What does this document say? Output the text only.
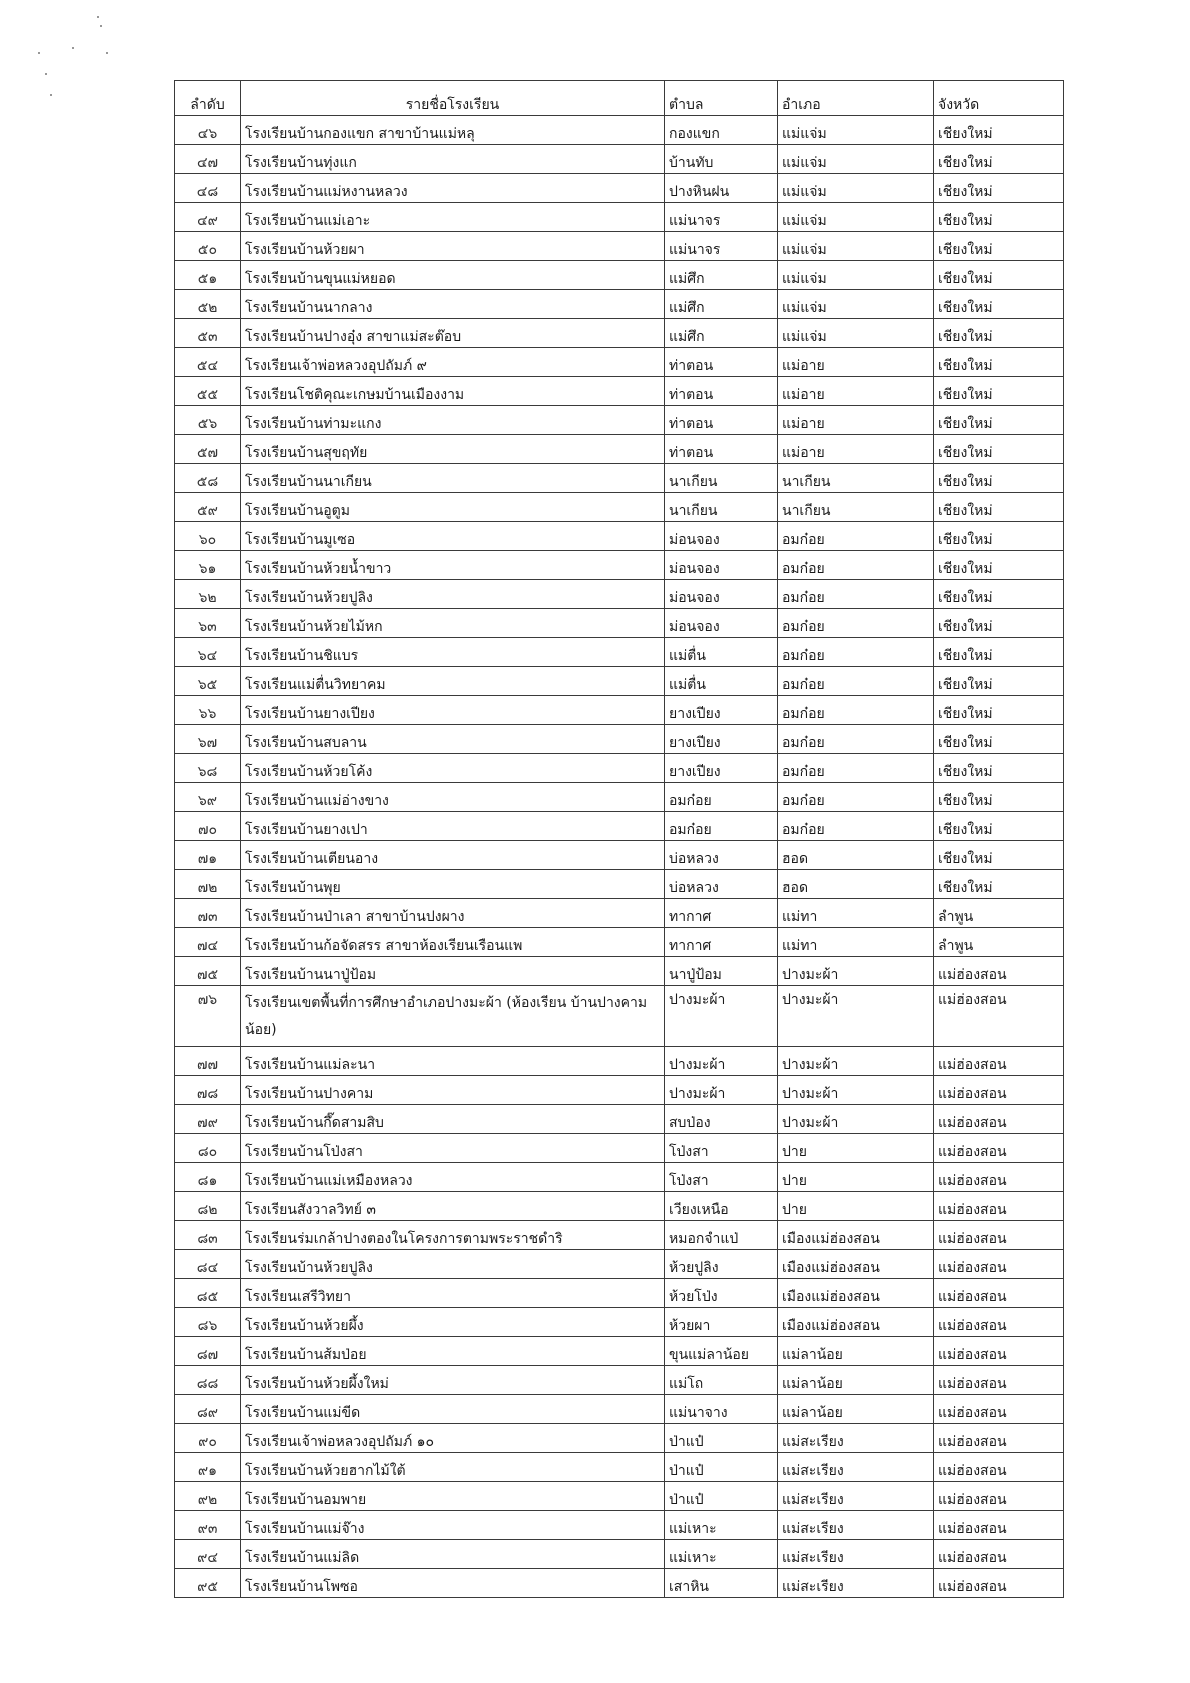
ลำดับ	รายชื่อโรงเรียน	ตำบล	อำเภอ	จังหวัด
๔๖	โรงเรียนบ้านกองแขก สาขาบ้านแม่หลุ	กองแขก	แม่แจ่ม	เชียงใหม่
๔๗	โรงเรียนบ้านทุ่งแก	บ้านทับ	แม่แจ่ม	เชียงใหม่
๔๘	โรงเรียนบ้านแม่หงานหลวง	ปางหินฝน	แม่แจ่ม	เชียงใหม่
๔๙	โรงเรียนบ้านแม่เอาะ	แม่นาจร	แม่แจ่ม	เชียงใหม่
๕๐	โรงเรียนบ้านห้วยผา	แม่นาจร	แม่แจ่ม	เชียงใหม่
๕๑	โรงเรียนบ้านขุนแม่หยอด	แม่ศึก	แม่แจ่ม	เชียงใหม่
๕๒	โรงเรียนบ้านนากลาง	แม่ศึก	แม่แจ่ม	เชียงใหม่
๕๓	โรงเรียนบ้านปางอุ๋ง สาขาแม่สะต๊อบ	แม่ศึก	แม่แจ่ม	เชียงใหม่
๕๔	โรงเรียนเจ้าพ่อหลวงอุปถัมภ์ ๙	ท่าตอน	แม่อาย	เชียงใหม่
๕๕	โรงเรียนโชติคุณะเกษมบ้านเมืองงาม	ท่าตอน	แม่อาย	เชียงใหม่
๕๖	โรงเรียนบ้านท่ามะแกง	ท่าตอน	แม่อาย	เชียงใหม่
๕๗	โรงเรียนบ้านสุขฤทัย	ท่าตอน	แม่อาย	เชียงใหม่
๕๘	โรงเรียนบ้านนาเกียน	นาเกียน	นาเกียน	เชียงใหม่
๕๙	โรงเรียนบ้านอูตูม	นาเกียน	นาเกียน	เชียงใหม่
๖๐	โรงเรียนบ้านมูเซอ	ม่อนจอง	อมก๋อย	เชียงใหม่
๖๑	โรงเรียนบ้านห้วยน้ำขาว	ม่อนจอง	อมก๋อย	เชียงใหม่
๖๒	โรงเรียนบ้านห้วยปูลิง	ม่อนจอง	อมก๋อย	เชียงใหม่
๖๓	โรงเรียนบ้านห้วยไม้หก	ม่อนจอง	อมก๋อย	เชียงใหม่
๖๔	โรงเรียนบ้านชิแบร	แม่ตื่น	อมก๋อย	เชียงใหม่
๖๕	โรงเรียนแม่ตื่นวิทยาคม	แม่ตื่น	อมก๋อย	เชียงใหม่
๖๖	โรงเรียนบ้านยางเปียง	ยางเปียง	อมก๋อย	เชียงใหม่
๖๗	โรงเรียนบ้านสบลาน	ยางเปียง	อมก๋อย	เชียงใหม่
๖๘	โรงเรียนบ้านห้วยโค้ง	ยางเปียง	อมก๋อย	เชียงใหม่
๖๙	โรงเรียนบ้านแม่อ่างขาง	อมก๋อย	อมก๋อย	เชียงใหม่
๗๐	โรงเรียนบ้านยางเปา	อมก๋อย	อมก๋อย	เชียงใหม่
๗๑	โรงเรียนบ้านเตียนอาง	บ่อหลวง	ฮอด	เชียงใหม่
๗๒	โรงเรียนบ้านพุย	บ่อหลวง	ฮอด	เชียงใหม่
๗๓	โรงเรียนบ้านป่าเลา สาขาบ้านปงผาง	ทากาศ	แม่ทา	ลำพูน
๗๔	โรงเรียนบ้านก้อจัดสรร สาขาห้องเรียนเรือนแพ	ทากาศ	แม่ทา	ลำพูน
๗๕	โรงเรียนบ้านนาปู่ป้อม	นาปู่ป้อม	ปางมะผ้า	แม่ฮ่องสอน
๗๖	โรงเรียนเขตพื้นที่การศึกษาอำเภอปางมะผ้า (ห้องเรียน บ้านปางคามน้อย)	ปางมะผ้า	ปางมะผ้า	แม่ฮ่องสอน
๗๗	โรงเรียนบ้านแม่ละนา	ปางมะผ้า	ปางมะผ้า	แม่ฮ่องสอน
๗๘	โรงเรียนบ้านปางคาม	ปางมะผ้า	ปางมะผ้า	แม่ฮ่องสอน
๗๙	โรงเรียนบ้านกึ๊ดสามสิบ	สบป่อง	ปางมะผ้า	แม่ฮ่องสอน
๘๐	โรงเรียนบ้านโป่งสา	โป่งสา	ปาย	แม่ฮ่องสอน
๘๑	โรงเรียนบ้านแม่เหมืองหลวง	โป่งสา	ปาย	แม่ฮ่องสอน
๘๒	โรงเรียนสังวาลวิทย์ ๓	เวียงเหนือ	ปาย	แม่ฮ่องสอน
๘๓	โรงเรียนร่มเกล้าปางตองในโครงการตามพระราชดำริ	หมอกจำแป่	เมืองแม่ฮ่องสอน	แม่ฮ่องสอน
๘๔	โรงเรียนบ้านห้วยปูลิง	ห้วยปูลิง	เมืองแม่ฮ่องสอน	แม่ฮ่องสอน
๘๕	โรงเรียนเสรีวิทยา	ห้วยโป่ง	เมืองแม่ฮ่องสอน	แม่ฮ่องสอน
๘๖	โรงเรียนบ้านห้วยผึ้ง	ห้วยผา	เมืองแม่ฮ่องสอน	แม่ฮ่องสอน
๘๗	โรงเรียนบ้านส้มป่อย	ขุนแม่ลาน้อย	แม่ลาน้อย	แม่ฮ่องสอน
๘๘	โรงเรียนบ้านห้วยผึ้งใหม่	แม่โถ	แม่ลาน้อย	แม่ฮ่องสอน
๘๙	โรงเรียนบ้านแม่ขีด	แม่นาจาง	แม่ลาน้อย	แม่ฮ่องสอน
๙๐	โรงเรียนเจ้าพ่อหลวงอุปถัมภ์ ๑๐	ป่าแป๋	แม่สะเรียง	แม่ฮ่องสอน
๙๑	โรงเรียนบ้านห้วยฮากไม้ใต้	ป่าแป๋	แม่สะเรียง	แม่ฮ่องสอน
๙๒	โรงเรียนบ้านอมพาย	ป่าแป๋	แม่สะเรียง	แม่ฮ่องสอน
๙๓	โรงเรียนบ้านแม่จ๊าง	แม่เหาะ	แม่สะเรียง	แม่ฮ่องสอน
๙๔	โรงเรียนบ้านแม่ลิด	แม่เหาะ	แม่สะเรียง	แม่ฮ่องสอน
๙๕	โรงเรียนบ้านโพซอ	เสาหิน	แม่สะเรียง	แม่ฮ่องสอน
